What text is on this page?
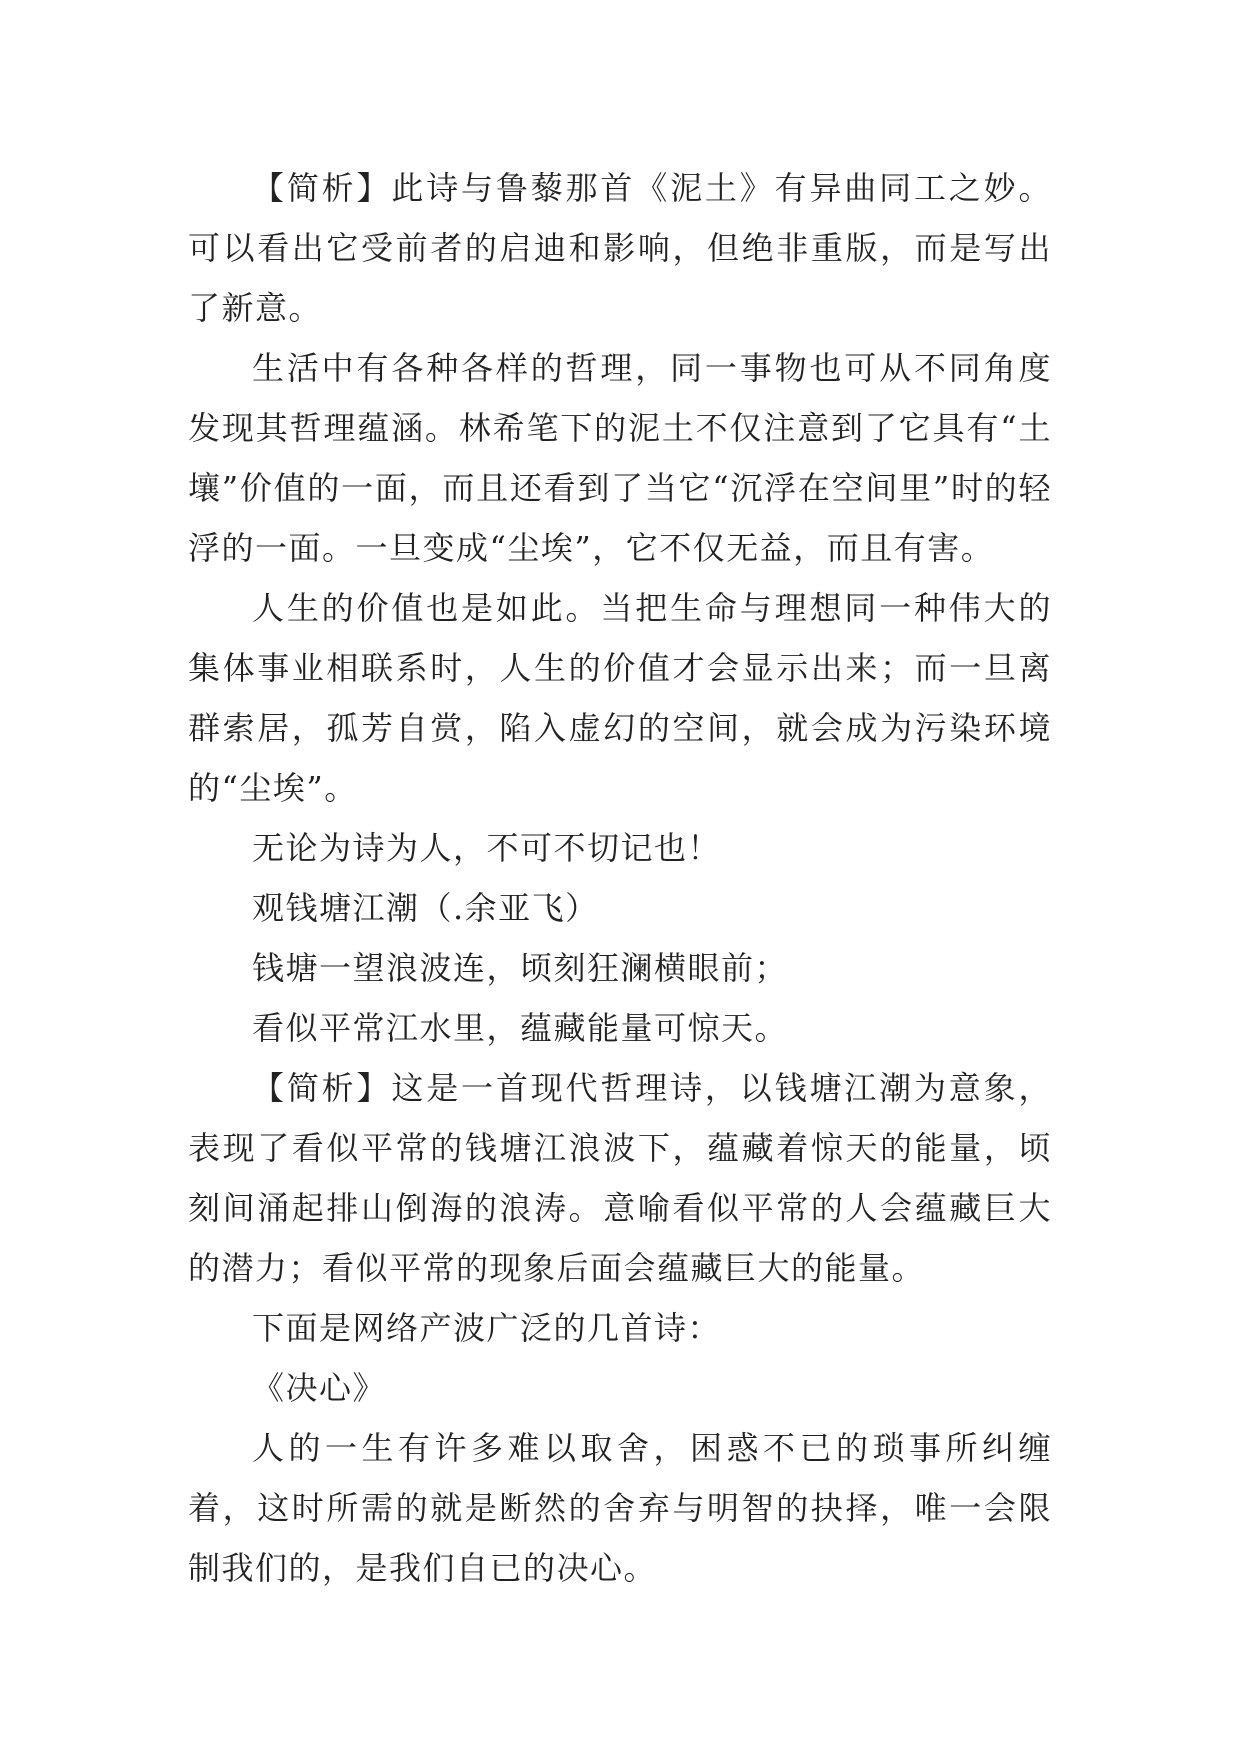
【简析】此诗与鲁藜那首《泥土》有异曲同工之妙。可以看出它受前者的启迪和影响，但绝非重版，而是写出了新意。

生活中有各种各样的哲理，同一事物也可从不同角度发现其哲理蕴涵。林希笔下的泥土不仅注意到了它具有“土壤”价值的一面，而且还看到了当它“沉浮在空间里”时的轻浮的一面。一旦变成“尘埃”，它不仅无益，而且有害。

人生的价值也是如此。当把生命与理想同一种伟大的集体事业相联系时，人生的价值才会显示出来；而一旦离群索居，孤芳自赏，陷入虚幻的空间，就会成为污染环境的“尘埃”。

无论为诗为人，不可不切记也！

观钱塘江潮（.余亚飞）

钱塘一望浪波连，顷刻狂澜横眼前；

看似平常江水里，蕴藏能量可惊天。

【简析】这是一首现代哲理诗，以钱塘江潮为意象，表现了看似平常的钱塘江浪波下，蕴藏着惊天的能量，顷刻间涌起排山倒海的浪涛。意喻看似平常的人会蕴藏巨大的潜力；看似平常的现象后面会蕴藏巨大的能量。

下面是网络产波广泛的几首诗：

《决心》

人的一生有许多难以取舍，困惑不已的琐事所纠缠着，这时所需的就是断然的舍弃与明智的抉择，唯一会限制我们的，是我们自已的决心。
